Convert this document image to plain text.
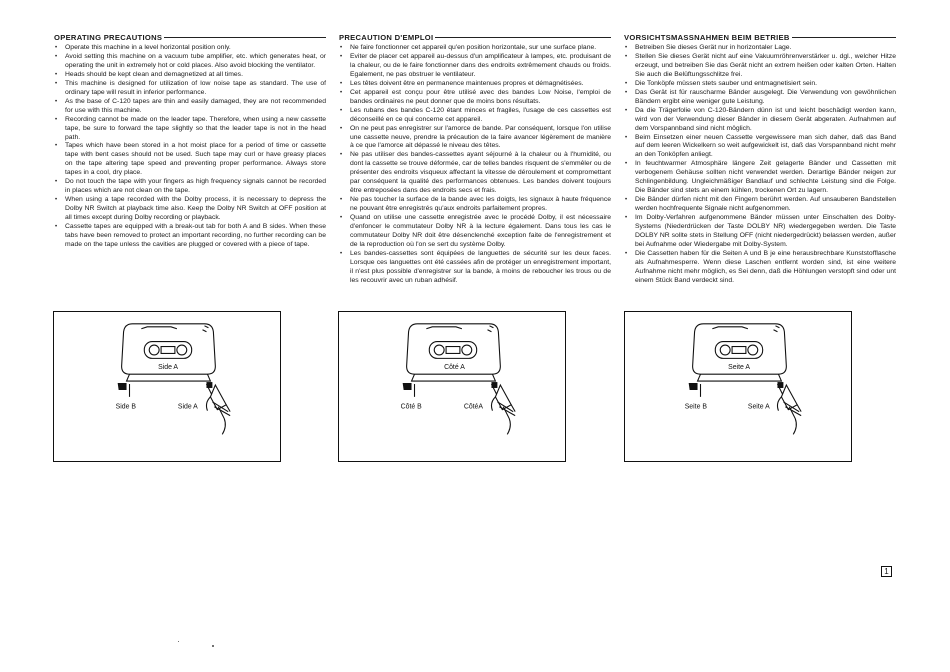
OPERATING PRECAUTIONS
• Operate this machine in a level horizontal position only.
• Avoid setting this machine on a vacuum tube amplifier, etc. which generates heat, or operating the unit in extremely hot or cold places. Also avoid blocking the ventilator.
• Heads should be kept clean and demagnetized at all times.
• This machine is designed for utilization of low noise tape as standard. The use of ordinary tape will result in inferior performance.
• As the base of C-120 tapes are thin and easily damaged, they are not recommended for use with this machine.
• Recording cannot be made on the leader tape. Therefore, when using a new cassette tape, be sure to forward the tape slightly so that the leader tape is not in the head path.
• Tapes which have been stored in a hot moist place for a period of time or cassette tape with bent cases should not be used. Such tape may curl or have greasy places on the tape altering tape speed and preventing proper performance. Always store tapes in a cool, dry place.
• Do not touch the tape with your fingers as high frequency signals cannot be recorded in places which are not clean on the tape.
• When using a tape recorded with the Dolby process, it is necessary to depress the Dolby NR Switch at playback time also. Keep the Dolby NR Switch at OFF position at all times except during Dolby recording or playback.
• Cassette tapes are equipped with a break-out tab for both A and B sides. When these tabs have been removed to protect an important recording, no further recording can be made on the tape unless the cavities are plugged or covered with a piece of tape.
PRECAUTION D'EMPLOI
• Ne faire fonctionner cet appareil qu'en position horizontale, sur une surface plane.
• Eviter de placer cet appareil au-dessus d'un amplificateur à lampes, etc. produisant de la chaleur, ou de le faire fonctionner dans des endroits extrêmement chauds ou froids. Egalement, ne pas obstruer le ventilateur.
• Les têtes doivent être en permanence maintenues propres et démagnétisées.
• Cet appareil est conçu pour être utilisé avec des bandes Low Noise, l'emploi de bandes ordinaires ne peut donner que de moins bons résultats.
• Les rubans des bandes C-120 étant minces et fragiles, l'usage de ces cassettes est déconseillé en ce qui concerne cet appareil.
• On ne peut pas enregistrer sur l'amorce de bande. Par conséquent, lorsque l'on utilise une cassette neuve, prendre la précaution de la faire avancer légèrement de manière à ce que l'amorce ait dépassé le niveau des têtes.
• Ne pas utiliser des bandes-cassettes ayant séjourné à la chaleur ou à l'humidité, ou dont la cassette se trouve déformée, car de telles bandes risquent de s'emmêler ou de présenter des endroits visqueux affectant la vitesse de déroulement et compromettant par conséquent la qualité des performances obtenues. Les bandes doivent toujours être entreposées dans des endroits secs et frais.
• Ne pas toucher la surface de la bande avec les doigts, les signaux à haute fréquence ne pouvant être enregistrés qu'aux endroits parfaitement propres.
• Quand on utilise une cassette enregistrée avec le procédé Dolby, il est nécessaire d'enfoncer le commutateur Dolby NR à la lecture également. Dans tous les cas le commutateur Dolby NR doit être désenclenché exception faite de l'enregistrement et de la reproduction où l'on se sert du système Dolby.
• Les bandes-cassettes sont équipées de languettes de sécurité sur les deux faces. Lorsque ces languettes ont été cassées afin de protéger un enregistrement important, il n'est plus possible d'enregistrer sur la bande, à moins de reboucher les trous ou de les recouvrir avec un ruban adhésif.
VORSICHTSMASSNAHMEN BEIM BETRIEB
• Betreiben Sie dieses Gerät nur in horizontaler Lage.
• Stellen Sie dieses Gerät nicht auf eine Vakuumröhrenverstärker u. dgl., welcher Hitze erzeugt, und betreiben Sie das Gerät nicht an extrem heißen oder kalten Orten. Halten Sie auch die Belüftungsschlitze frei.
• Die Tonköpfe müssen stets sauber und entmagnetisiert sein.
• Das Gerät ist für rauscharme Bänder ausgelegt. Die Verwendung von gewöhnlichen Bändern ergibt eine weniger gute Leistung.
• Da die Trägerfolie von C-120-Bändern dünn ist und leicht beschädigt werden kann, wird von der Verwendung dieser Bänder in diesem Gerät abgeraten. Aufnahmen auf dem Vorspannband sind nicht möglich.
• Beim Einsetzen einer neuen Cassette vergewissere man sich daher, daß das Band auf dem leeren Wickelkern so weit aufgewickelt ist, daß das Vorspannband nicht mehr an den Tonköpfen anliegt.
• In feuchtwarmer Atmosphäre längere Zeit gelagerte Bänder und Cassetten mit verbogenem Gehäuse sollten nicht verwendet werden. Derartige Bänder neigen zur Schlingenbildung. Ungleichmäßiger Bandlauf und schlechte Leistung sind die Folge. Die Bänder sind stets an einem kühlen, trockenen Ort zu lagern.
• Die Bänder dürfen nicht mit den Fingern berührt werden. Auf unsauberen Bandstellen werden hochfrequente Signale nicht aufgenommen.
• Im Dolby-Verfahren aufgenommene Bänder müssen unter Einschalten des Dolby-Systems (Niederdrücken der Taste DOLBY NR) wiedergegeben werden. Die Taste DOLBY NR sollte stets in Stellung OFF (nicht niedergedrückt) belassen werden, außer bei Aufnahme oder Wiedergabe mit Dolby-System.
• Die Cassetten haben für die Seiten A und B je eine herausbrechbare Kunststofflasche als Aufnahmesperre. Wenn diese Laschen entfernt worden sind, ist eine weitere Aufnahme nicht mehr möglich, es Sei denn, daß die Höhlungen verstopft sind oder unt einem Stück Band verdeckt sind.
Side A
Side B	Side A
Côté A
Côté B	CôtéA
Seite A
Seite B	Seite A
1
